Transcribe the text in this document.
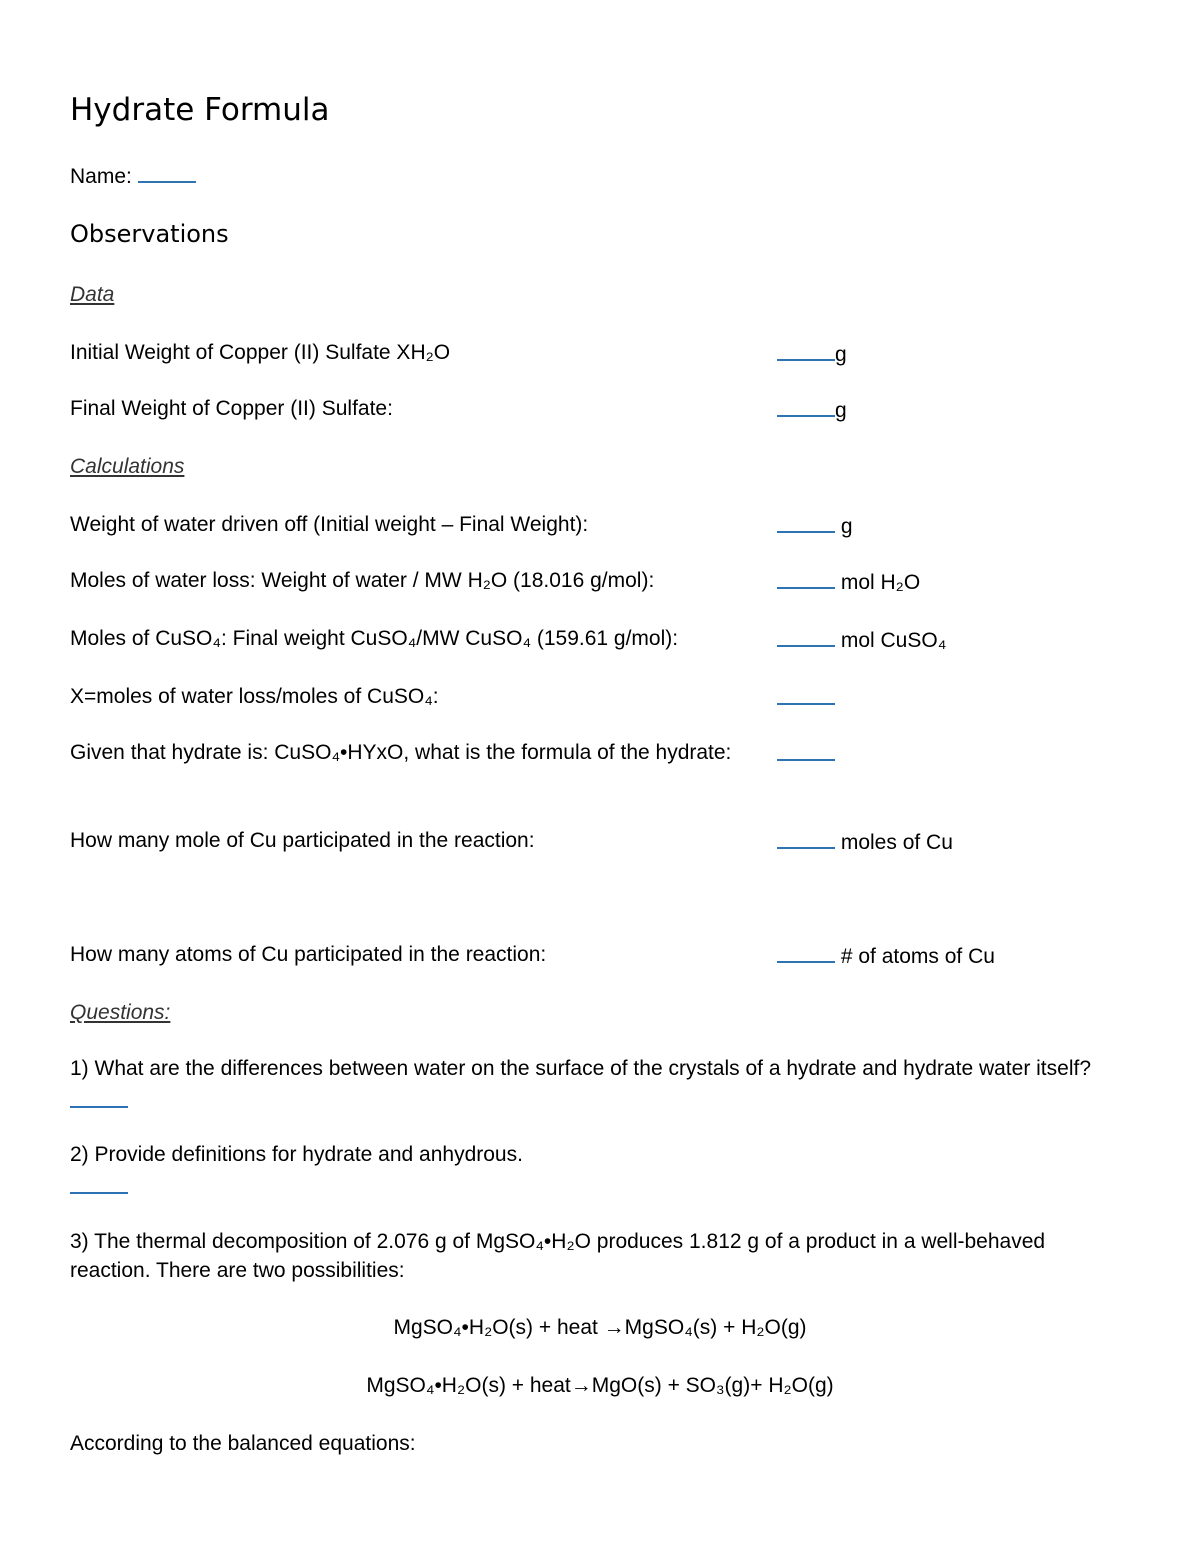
Hydrate Formula
Name:
Observations
Data
Initial Weight of Copper (II) Sulfate XH₂O	g
Final Weight of Copper (II) Sulfate:	g
Calculations
Weight of water driven off (Initial weight – Final Weight):	g
Moles of water loss: Weight of water / MW H₂O (18.016 g/mol):	mol H₂O
Moles of CuSO₄: Final weight CuSO₄/MW CuSO₄ (159.61 g/mol):	mol CuSO₄
X=moles of water loss/moles of CuSO₄:
Given that hydrate is: CuSO₄•HYxO, what is the formula of the hydrate:
How many mole of Cu participated in the reaction:	moles of Cu
How many atoms of Cu participated in the reaction:	# of atoms of Cu
Questions:
1) What are the differences between water on the surface of the crystals of a hydrate and hydrate water itself?
2) Provide definitions for hydrate and anhydrous.
3) The thermal decomposition of 2.076 g of MgSO₄•H₂O produces 1.812 g of a product in a well-behaved
reaction. There are two possibilities:
MgSO₄•H₂O(s) + heat →MgSO₄(s) + H₂O(g)
MgSO₄•H₂O(s) + heat→MgO(s) + SO₃(g)+ H₂O(g)
According to the balanced equations:
